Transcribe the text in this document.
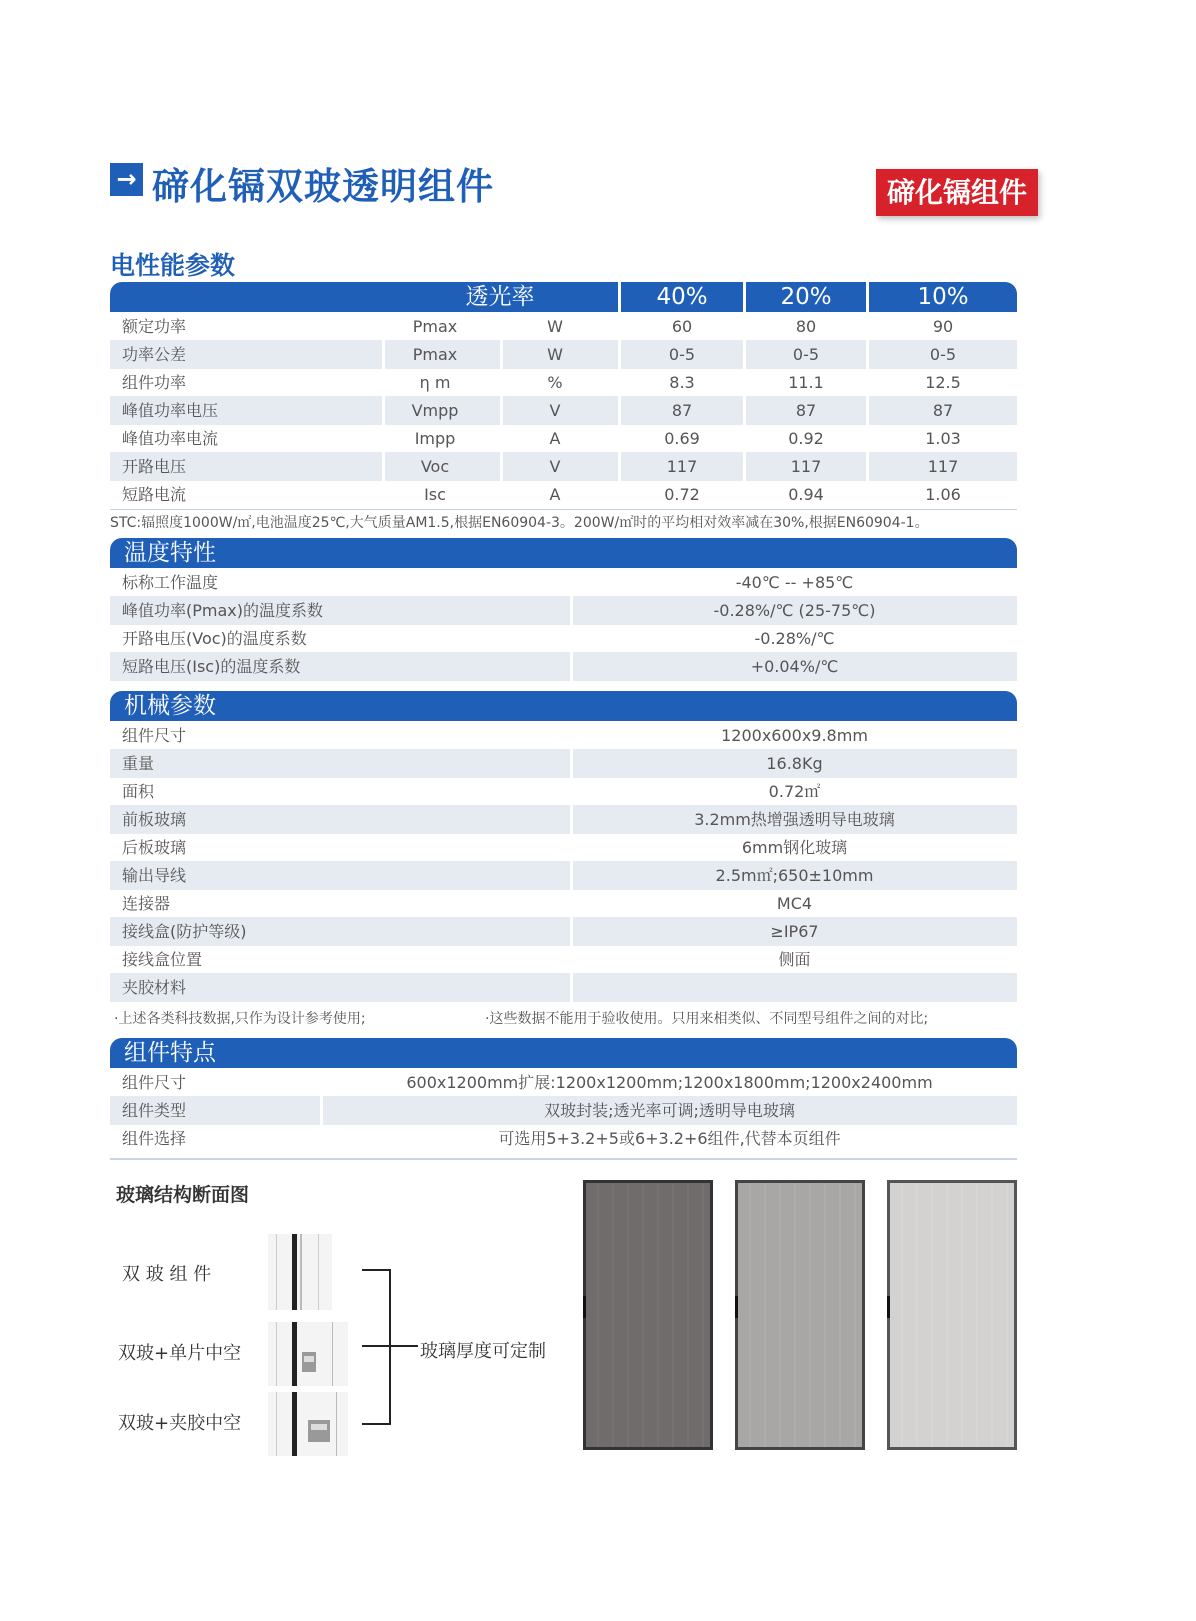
→ 碲化镉双玻透明组件	碲化镉组件
电性能参数
透光率	40%	20%	10%
额定功率	Pmax	W	60	80	90
功率公差	Pmax	W	0-5	0-5	0-5
组件功率	η m	%	8.3	11.1	12.5
峰值功率电压	Vmpp	V	87	87	87
峰值功率电流	Impp	A	0.69	0.92	1.03
开路电压	Voc	V	117	117	117
短路电流	Isc	A	0.72	0.94	1.06
STC:辐照度1000W/㎡,电池温度25℃,大气质量AM1.5,根据EN60904-3。200W/㎡时的平均相对效率减在30%,根据EN60904-1。
温度特性
标称工作温度	-40℃ -- +85℃
峰值功率(Pmax)的温度系数	-0.28%/℃ (25-75℃)
开路电压(Voc)的温度系数	-0.28%/℃
短路电压(Isc)的温度系数	+0.04%/℃
机械参数
组件尺寸	1200x600x9.8mm
重量	16.8Kg
面积	0.72㎡
前板玻璃	3.2mm热增强透明导电玻璃
后板玻璃	6mm钢化玻璃
输出导线	2.5m㎡;650±10mm
连接器	MC4
接线盒(防护等级)	≥IP67
接线盒位置	侧面
夹胶材料
·上述各类科技数据,只作为设计参考使用;	·这些数据不能用于验收使用。只用来相类似、不同型号组件之间的对比;
组件特点
组件尺寸	600x1200mm扩展:1200x1200mm;1200x1800mm;1200x2400mm
组件类型	双玻封装;透光率可调;透明导电玻璃
组件选择	可选用5+3.2+5或6+3.2+6组件,代替本页组件
玻璃结构断面图
双 玻 组 件
双玻+单片中空
双玻+夹胶中空
玻璃厚度可定制
